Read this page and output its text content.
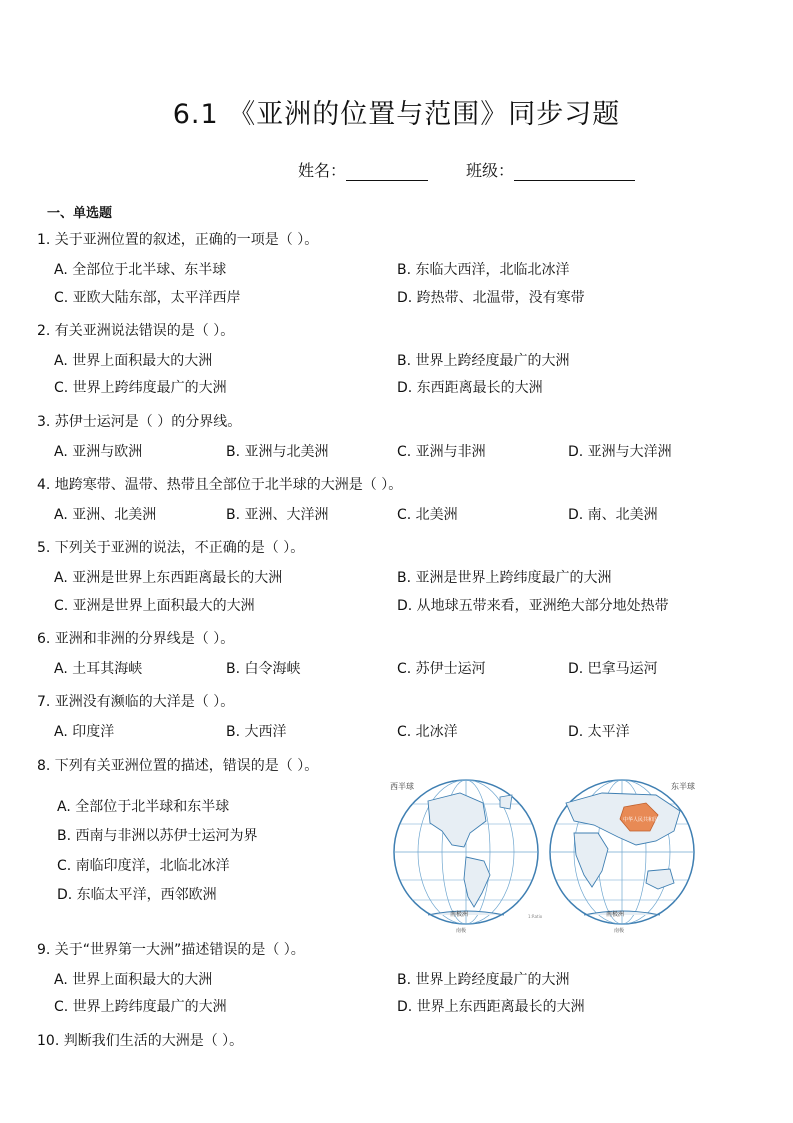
6.1 《亚洲的位置与范围》同步习题
姓名：	班级：
一、单选题
1. 关于亚洲位置的叙述，正确的一项是（ ）。
A. 全部位于北半球、东半球	B. 东临大西洋，北临北冰洋
C. 亚欧大陆东部，太平洋西岸	D. 跨热带、北温带，没有寒带
2. 有关亚洲说法错误的是（ ）。
A. 世界上面积最大的大洲	B. 世界上跨经度最广的大洲
C. 世界上跨纬度最广的大洲	D. 东西距离最长的大洲
3. 苏伊士运河是（ ）的分界线。
A. 亚洲与欧洲	B. 亚洲与北美洲	C. 亚洲与非洲	D. 亚洲与大洋洲
4. 地跨寒带、温带、热带且全部位于北半球的大洲是（ ）。
A. 亚洲、北美洲	B. 亚洲、大洋洲	C. 北美洲	D. 南、北美洲
5. 下列关于亚洲的说法，不正确的是（ ）。
A. 亚洲是世界上东西距离最长的大洲	B. 亚洲是世界上跨纬度最广的大洲
C. 亚洲是世界上面积最大的大洲	D. 从地球五带来看，亚洲绝大部分地处热带
6. 亚洲和非洲的分界线是（ ）。
A. 土耳其海峡	B. 白令海峡	C. 苏伊士运河	D. 巴拿马运河
7. 亚洲没有濒临的大洋是（ ）。
A. 印度洋	B. 大西洋	C. 北冰洋	D. 太平洋
8. 下列有关亚洲位置的描述，错误的是（ ）。
A. 全部位于北半球和东半球
B. 西南与非洲以苏伊士运河为界
C. 南临印度洋，北临北冰洋
D. 东临太平洋，西邻欧洲
西半球
南极洲
南极
东半球
中华人民共和国
南极洲
南极
1:Ratio
9. 关于“世界第一大洲”描述错误的是（ ）。
A. 世界上面积最大的大洲	B. 世界上跨经度最广的大洲
C. 世界上跨纬度最广的大洲	D. 世界上东西距离最长的大洲
10. 判断我们生活的大洲是（ ）。
